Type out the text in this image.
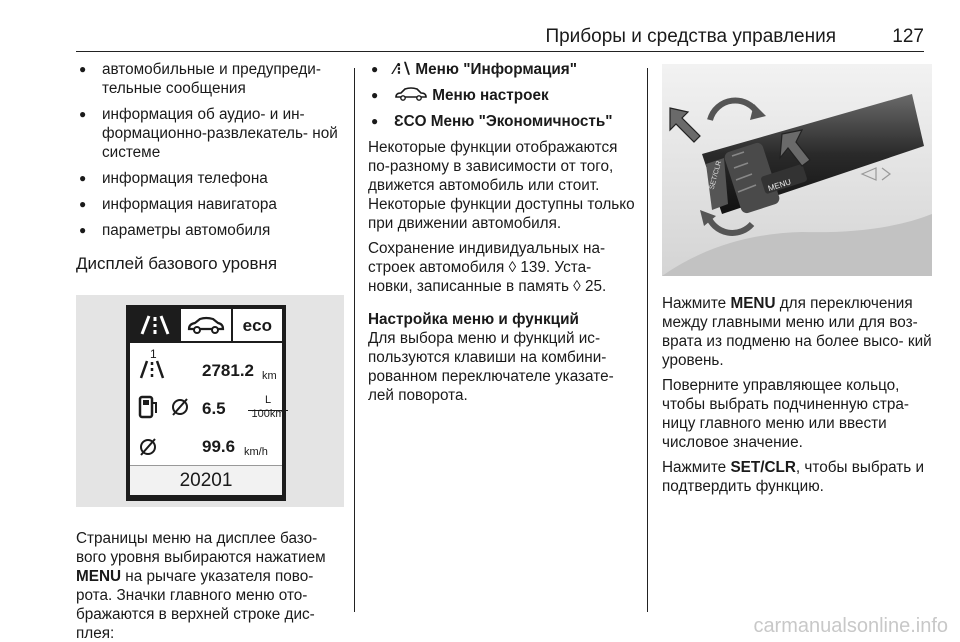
Приборы и средства управления	127
● автомобильные и предупреди- тельные сообщения
● информация об аудио- и ин- формационно-развлекатель- ной системе
● информация телефона
● информация навигатора
● параметры автомобиля
Дисплей базового уровня
eco
1
2781.2 km
6.5	L
100km
99.6 km/h
20201

Страницы меню на дисплее базо- вого уровня выбираются нажатием MENU на рычаге указателя пово- рота. Значки главного меню ото- бражаются в верхней строке дис- плея:

● ⁄⁝∖ Меню "Информация"
● Меню настроек
● ƐCO Меню "Экономичность"

Некоторые функции отображаются по-разному в зависимости от того, движется автомобиль или стоит. Некоторые функции доступны только при движении автомобиля.

Сохранение индивидуальных на- строек автомобиля ◊ 139. Уста- новки, записанные в память ◊ 25.

Настройка меню и функций

Для выбора меню и функций ис- пользуются клавиши на комбини- рованном переключателе указате- лей поворота.

SET/CLR	MENU

Нажмите MENU для переключения между главными меню или для воз- врата из подменю на более высо- кий уровень.

Поверните управляющее кольцо, чтобы выбрать подчиненную стра- ницу главного меню или ввести числовое значение.

Нажмите SET/CLR, чтобы выбрать и подтвердить функцию.

carmanualsonline.info
